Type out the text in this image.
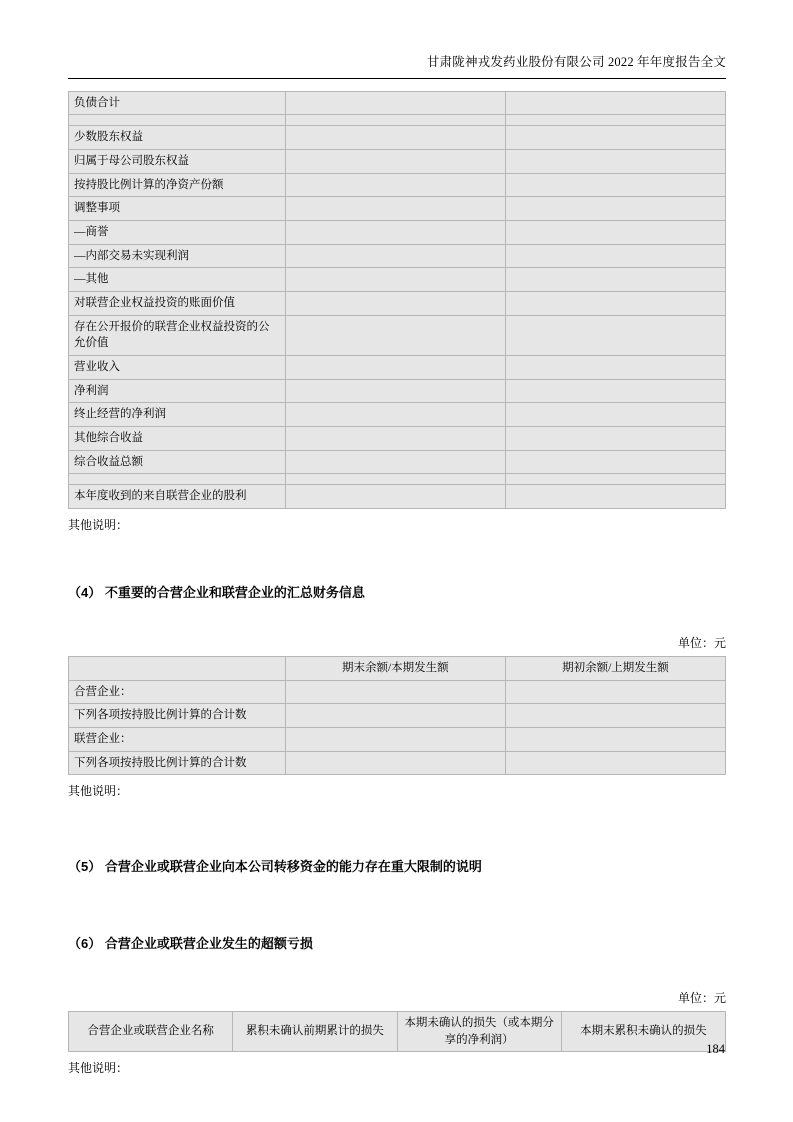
甘肃陇神戎发药业股份有限公司 2022 年年度报告全文
负债合计		

少数股东权益		
归属于母公司股东权益		
按持股比例计算的净资产份额		
调整事项		
—商誉		
—内部交易未实现利润		
—其他		
对联营企业权益投资的账面价值		
存在公开报价的联营企业权益投资的公允价值		
营业收入		
净利润		
终止经营的净利润		
其他综合收益		
综合收益总额		

本年度收到的来自联营企业的股利		

其他说明：

（4） 不重要的合营企业和联营企业的汇总财务信息

单位：元

	期末余额/本期发生额	期初余额/上期发生额
合营企业：		
下列各项按持股比例计算的合计数		
联营企业：		
下列各项按持股比例计算的合计数		

其他说明：

（5） 合营企业或联营企业向本公司转移资金的能力存在重大限制的说明

（6） 合营企业或联营企业发生的超额亏损

单位：元

合营企业或联营企业名称	累积未确认前期累计的损失	本期未确认的损失（或本期分享的净利润）	本期末累积未确认的损失

其他说明：

184
